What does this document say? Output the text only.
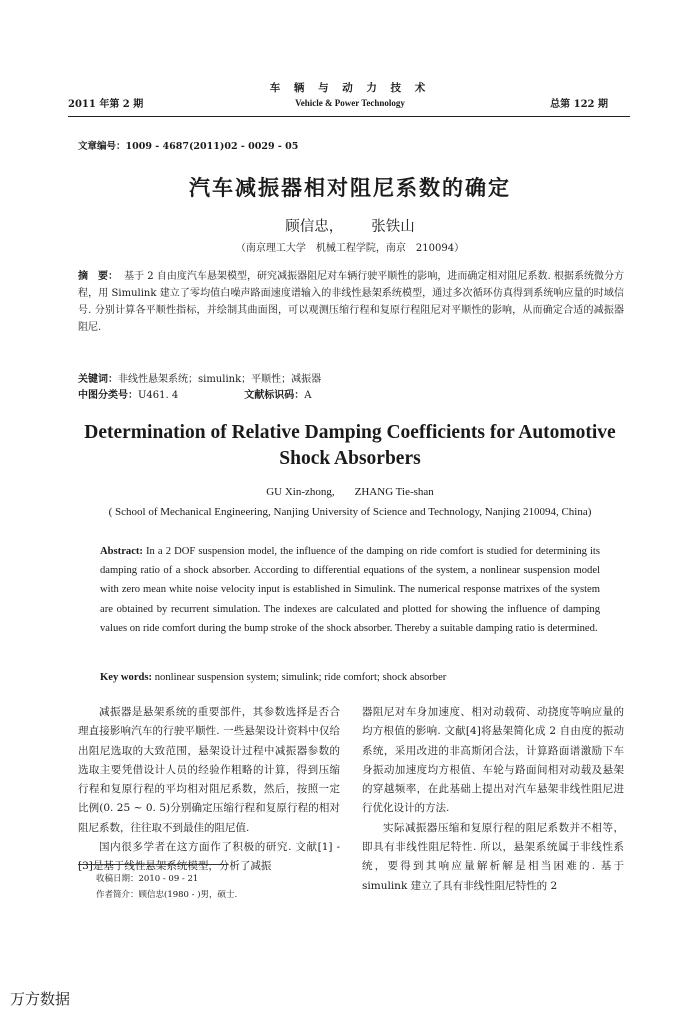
2011 年第 2 期
车 辆 与 动 力 技 术
Vehicle & Power Technology	总第 122 期
文章编号：1009 - 4687(2011)02 - 0029 - 05
汽车减振器相对阻尼系数的确定
顾信忠， 张铁山
（南京理工大学　机械工程学院，南京　210094）
摘　要： 基于 2 自由度汽车悬架模型，研究减振器阻尼对车辆行驶平顺性的影响，进而确定相对阻尼系数. 根据系统微分方程，用 Simulink 建立了零均值白噪声路面速度谱输入的非线性悬架系统模型，通过多次循环仿真得到系统响应量的时域信号. 分别计算各平顺性指标，并绘制其曲面图，可以观测压缩行程和复原行程阻尼对平顺性的影响，从而确定合适的减振器阻尼.
关键词：非线性悬架系统；simulink；平顺性；减振器
中图分类号：U461. 4	文献标识码：A
Determination of Relative Damping Coefficients for Automotive Shock Absorbers
GU Xin-zhong, ZHANG Tie-shan
( School of Mechanical Engineering, Nanjing University of Science and Technology, Nanjing 210094, China)
Abstract: In a 2 DOF suspension model, the influence of the damping on ride comfort is studied for determining its damping ratio of a shock absorber. According to differential equations of the system, a nonlinear suspension model with zero mean white noise velocity input is established in Simulink. The numerical response matrixes of the system are obtained by recurrent simulation. The indexes are calculated and plotted for showing the influence of damping values on ride comfort during the bump stroke of the shock absorber. Thereby a suitable damping ratio is determined.
Key words: nonlinear suspension system; simulink; ride comfort; shock absorber

减振器是悬架系统的重要部件，其参数选择是否合理直接影响汽车的行驶平顺性. 一些悬架设计资料中仅给出阻尼选取的大致范围，悬架设计过程中减振器参数的选取主要凭借设计人员的经验作粗略的计算，得到压缩行程和复原行程的平均相对阻尼系数，然后，按照一定比例(0. 25 ~ 0. 5)分别确定压缩行程和复原行程的相对阻尼系数，往往取不到最佳的阻尼值.

国内很多学者在这方面作了积极的研究. 文献[1] - [3]是基于线性悬架系统模型，分析了减振

器阻尼对车身加速度、相对动载荷、动挠度等响应量的均方根值的影响. 文献[4]将悬架简化成 2 自由度的振动系统，采用改进的非高斯闭合法，计算路面谱激励下车身振动加速度均方根值、车轮与路面间相对动载及悬架的穿越频率，在此基础上提出对汽车悬架非线性阻尼进行优化设计的方法.

实际减振器压缩和复原行程的阻尼系数并不相等，即具有非线性阻尼特性. 所以，悬架系统属于非线性系统，要得到其响应量解析解是相当困难的. 基于 simulink 建立了具有非线性阻尼特性的 2

收稿日期：2010 - 09 - 21
作者简介：顾信忠(1980 - )男，硕士.
万方数据
